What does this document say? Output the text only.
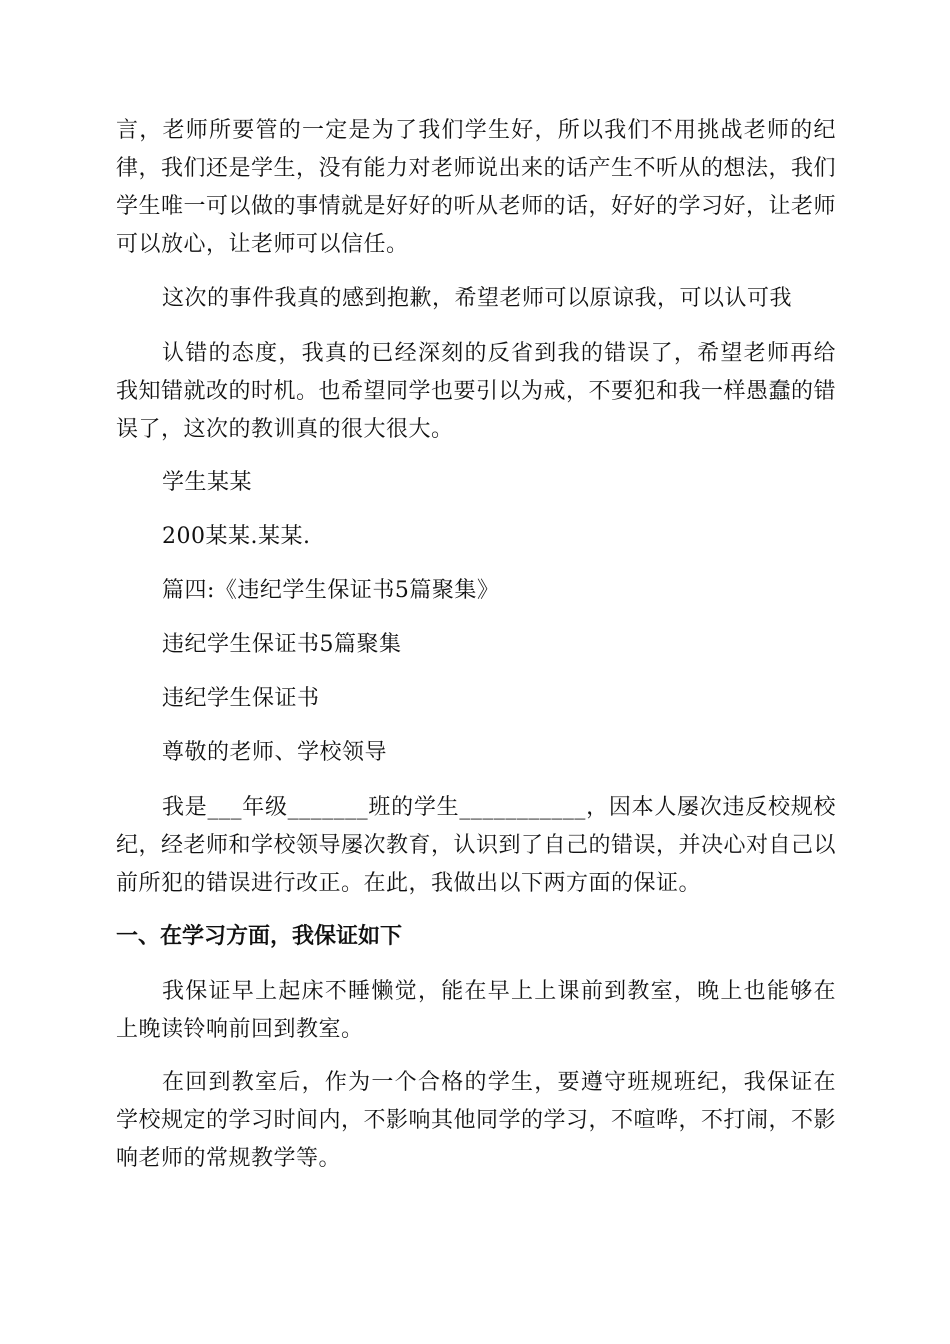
言，老师所要管的一定是为了我们学生好，所以我们不用挑战老师的纪律，我们还是学生，没有能力对老师说出来的话产生不听从的想法，我们学生唯一可以做的事情就是好好的听从老师的话，好好的学习好，让老师可以放心，让老师可以信任。

这次的事件我真的感到抱歉，希望老师可以原谅我，可以认可我

认错的态度，我真的已经深刻的反省到我的错误了，希望老师再给我知错就改的时机。也希望同学也要引以为戒，不要犯和我一样愚蠢的错误了，这次的教训真的很大很大。

学生某某

200某某.某某.

篇四:《违纪学生保证书5篇聚集》

违纪学生保证书5篇聚集

违纪学生保证书

尊敬的老师、学校领导

我是___年级_______班的学生___________，因本人屡次违反校规校纪，经老师和学校领导屡次教育，认识到了自己的错误，并决心对自己以前所犯的错误进行改正。在此，我做出以下两方面的保证。

一、在学习方面，我保证如下

我保证早上起床不睡懒觉，能在早上上课前到教室，晚上也能够在上晚读铃响前回到教室。

在回到教室后，作为一个合格的学生，要遵守班规班纪，我保证在学校规定的学习时间内，不影响其他同学的学习，不喧哗，不打闹，不影响老师的常规教学等。
